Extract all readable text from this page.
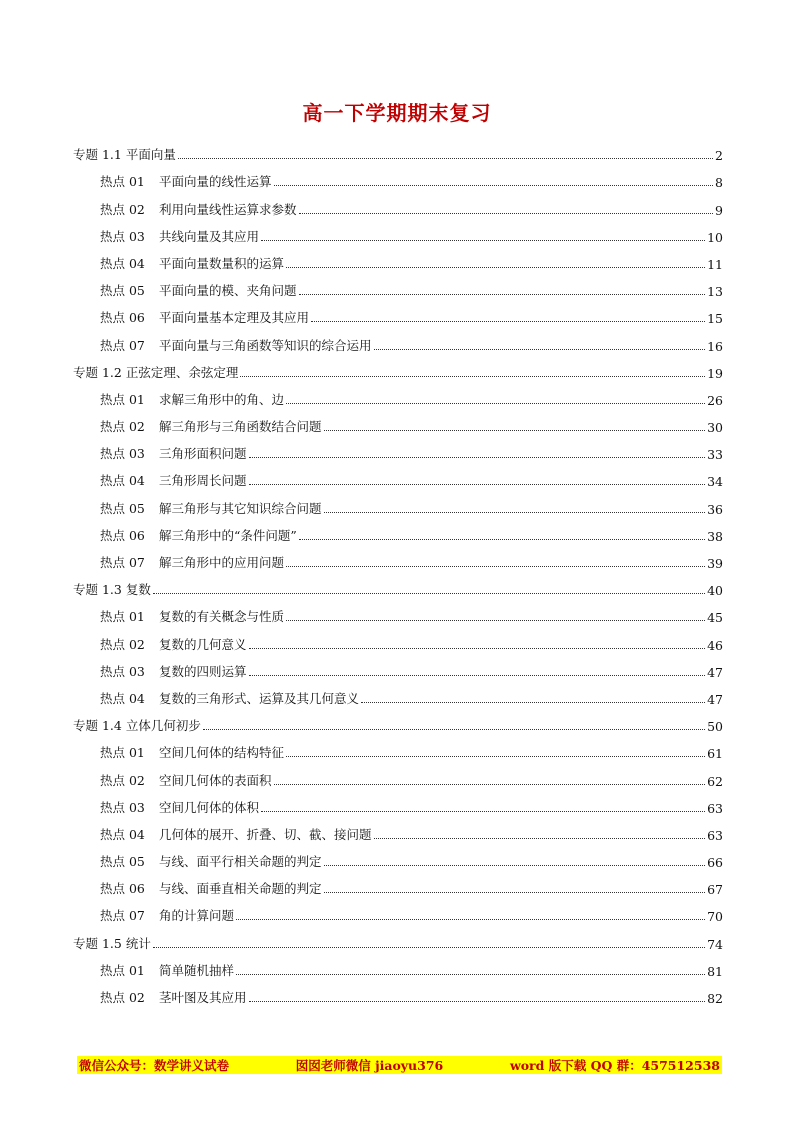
高一下学期期末复习
专题 1.1 平面向量	2
热点 01 平面向量的线性运算	8
热点 02 利用向量线性运算求参数	9
热点 03 共线向量及其应用	10
热点 04 平面向量数量积的运算	11
热点 05 平面向量的模、夹角问题	13
热点 06 平面向量基本定理及其应用	15
热点 07 平面向量与三角函数等知识的综合运用	16
专题 1.2 正弦定理、余弦定理	19
热点 01 求解三角形中的角、边	26
热点 02 解三角形与三角函数结合问题	30
热点 03 三角形面积问题	33
热点 04 三角形周长问题	34
热点 05 解三角形与其它知识综合问题	36
热点 06 解三角形中的“条件问题”	38
热点 07 解三角形中的应用问题	39
专题 1.3 复数	40
热点 01 复数的有关概念与性质	45
热点 02 复数的几何意义	46
热点 03 复数的四则运算	47
热点 04 复数的三角形式、运算及其几何意义	47
专题 1.4 立体几何初步	50
热点 01 空间几何体的结构特征	61
热点 02 空间几何体的表面积	62
热点 03 空间几何体的体积	63
热点 04 几何体的展开、折叠、切、截、接问题	63
热点 05 与线、面平行相关命题的判定	66
热点 06 与线、面垂直相关命题的判定	67
热点 07 角的计算问题	70
专题 1.5 统计	74
热点 01 简单随机抽样	81
热点 02 茎叶图及其应用	82
微信公众号：数学讲义试卷	囡囡老师微信 jiaoyu376	word 版下载 QQ 群：457512538
